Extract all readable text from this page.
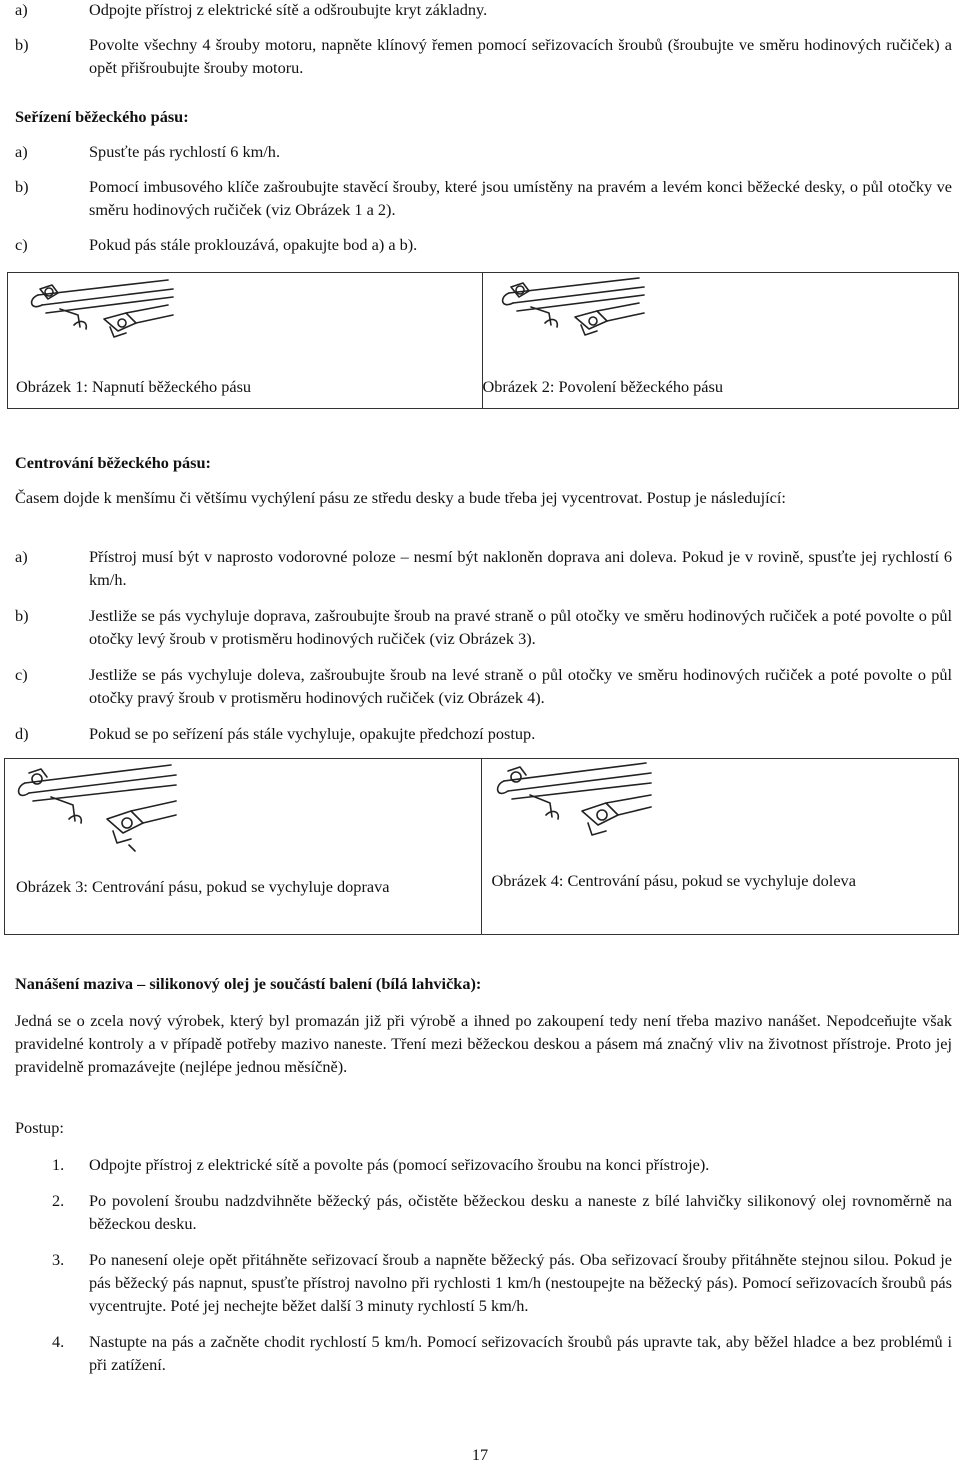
a)	Odpojte přístroj z elektrické sítě a odšroubujte kryt základny.
b)	Povolte všechny 4 šrouby motoru, napněte klínový řemen pomocí seřizovacích šroubů (šroubujte ve směru hodinových ručiček) a opět přišroubujte šrouby motoru.
Seřízení běžeckého pásu:
a)	Spusťte pás rychlostí 6 km/h.
b)	Pomocí imbusového klíče zašroubujte stavěcí šrouby, které jsou umístěny na pravém a levém konci běžecké desky, o půl otočky ve směru hodinových ručiček (viz Obrázek 1 a 2).
c)	Pokud pás stále proklouzává, opakujte bod a) a b).
Obrázek 1: Napnutí běžeckého pásu	Obrázek 2: Povolení běžeckého pásu
Centrování běžeckého pásu:
Časem dojde k menšímu či většímu vychýlení pásu ze středu desky a bude třeba jej vycentrovat. Postup je následující:
a)	Přístroj musí být v naprosto vodorovné poloze – nesmí být nakloněn doprava ani doleva. Pokud je v rovině, spusťte jej rychlostí 6 km/h.
b)	Jestliže se pás vychyluje doprava, zašroubujte šroub na pravé straně o půl otočky ve směru hodinových ručiček a poté povolte o půl otočky levý šroub v protisměru hodinových ručiček (viz Obrázek 3).
c)	Jestliže se pás vychyluje doleva, zašroubujte šroub na levé straně o půl otočky ve směru hodinových ručiček a poté povolte o půl otočky pravý šroub v protisměru hodinových ručiček (viz Obrázek 4).
d)	Pokud se po seřízení pás stále vychyluje, opakujte předchozí postup.
Obrázek 3: Centrování pásu, pokud se vychyluje doprava	Obrázek 4: Centrování pásu, pokud se vychyluje doleva
Nanášení maziva – silikonový olej je součástí balení (bílá lahvička):
Jedná se o zcela nový výrobek, který byl promazán již při výrobě a ihned po zakoupení tedy není třeba mazivo nanášet. Nepodceňujte však pravidelné kontroly a v případě potřeby mazivo naneste. Tření mezi běžeckou deskou a pásem má značný vliv na životnost přístroje. Proto jej pravidelně promazávejte (nejlépe jednou měsíčně).
Postup:
1. Odpojte přístroj z elektrické sítě a povolte pás (pomocí seřizovacího šroubu na konci přístroje).
2. Po povolení šroubu nadzdvihněte běžecký pás, očistěte běžeckou desku a naneste z bílé lahvičky silikonový olej rovnoměrně na běžeckou desku.
3. Po nanesení oleje opět přitáhněte seřizovací šroub a napněte běžecký pás. Oba seřizovací šrouby přitáhněte stejnou silou. Pokud je pás běžecký pás napnut, spusťte přístroj navolno při rychlosti 1 km/h (nestoupejte na běžecký pás). Pomocí seřizovacích šroubů pás vycentrujte. Poté jej nechejte běžet další 3 minuty rychlostí 5 km/h.
4. Nastupte na pás a začněte chodit rychlostí 5 km/h. Pomocí seřizovacích šroubů pás upravte tak, aby běžel hladce a bez problémů i při zatížení.
17
